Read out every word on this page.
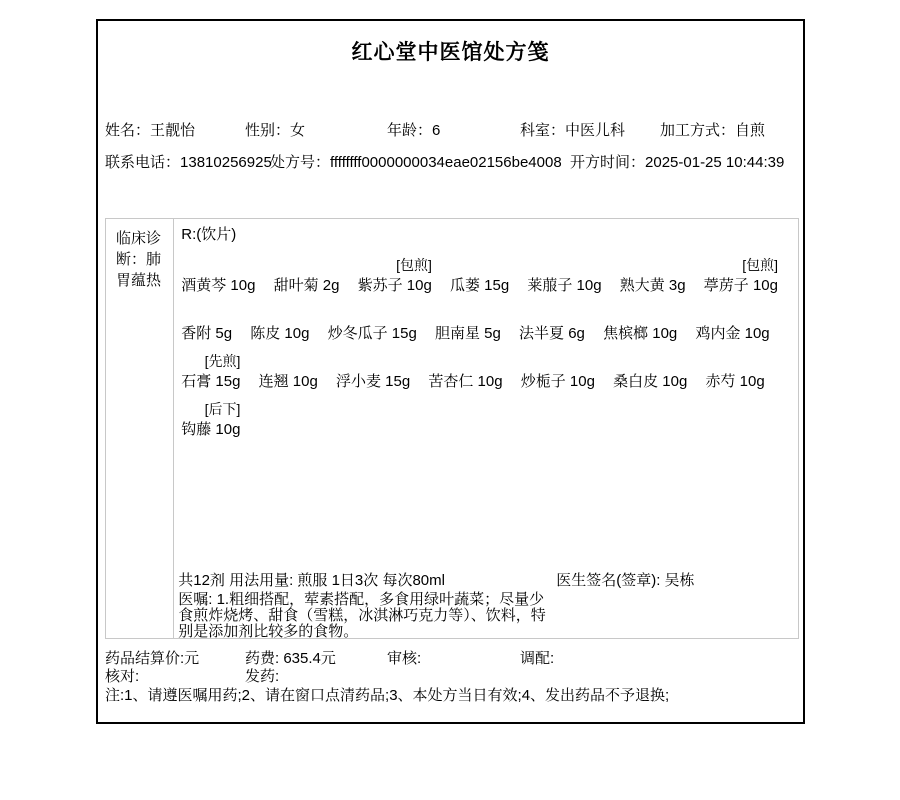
红心堂中医馆处方笺
姓名：王靓怡	性别：女	年龄：6	科室：中医儿科 加工方式：自煎
联系电话：13810256925
处方号：ffffffff0000000034eae02156be4008 开方时间：2025-01-25 10:44:39
临床诊断：肺胃蕴热
R:(饮片)
酒黄芩 10g
甜叶菊 2g

[包煎]
紫苏子 10g
瓜蒌 15g
莱菔子 10g
熟大黄 3g

[包煎]
葶苈子 10g
香附 5g
陈皮 10g
炒冬瓜子 15g
胆南星 5g
法半夏 6g
焦槟榔 10g
鸡内金 10g
[先煎]
石膏 15g
连翘 10g
浮小麦 15g
苦杏仁 10g
炒栀子 10g
桑白皮 10g
赤芍 10g
[后下]
钩藤 10g
共12剂 用法用量: 煎服 1日3次 每次80ml
医嘱: 1.粗细搭配，荤素搭配，多食用绿叶蔬菜；尽量少食煎炸烧烤、甜食（雪糕，冰淇淋巧克力等）、饮料，特别是添加剂比较多的食物。
医生签名(签章): 吴栋
药品结算价:元	药费: 635.4元	审核:	调配:
核对:	发药:
注:1、请遵医嘱用药;2、请在窗口点清药品;3、本处方当日有效;4、发出药品不予退换;
